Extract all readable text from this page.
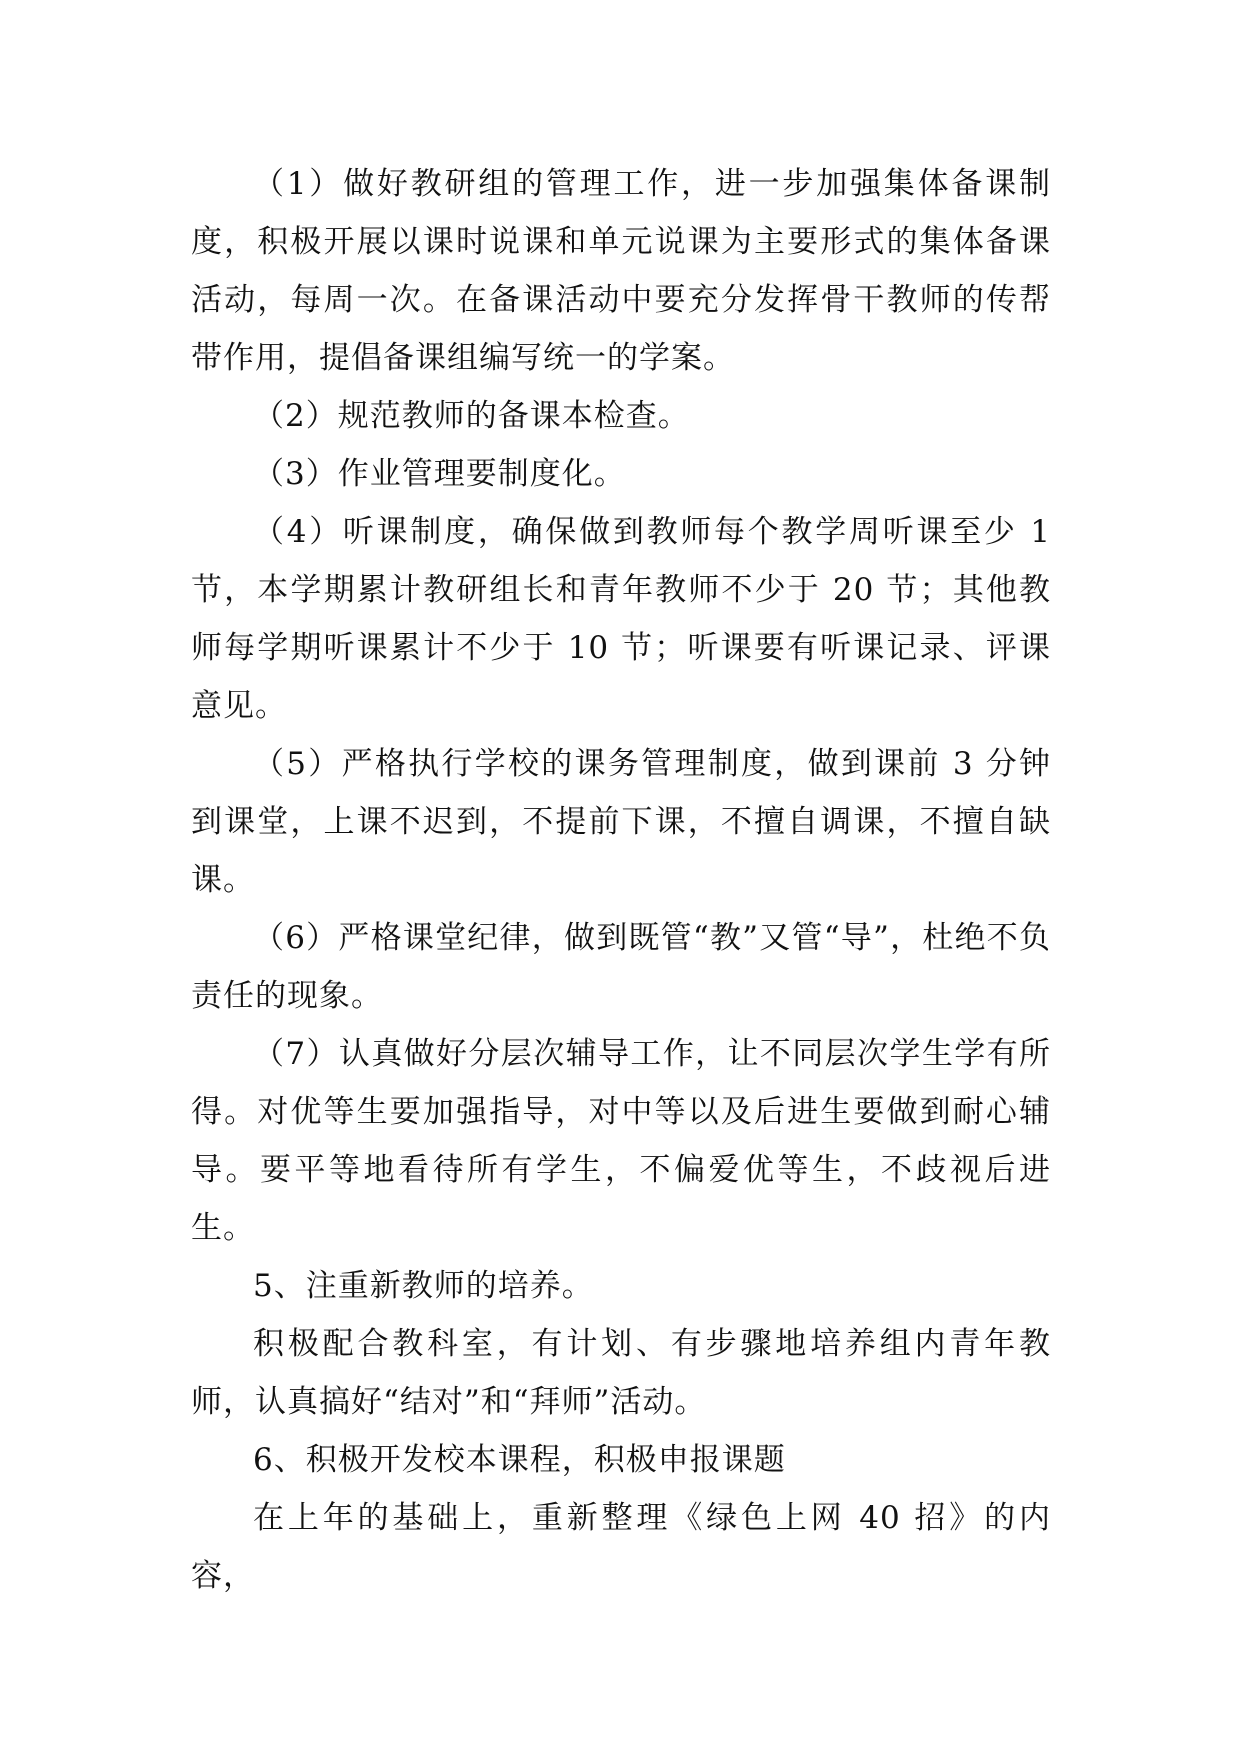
（1）做好教研组的管理工作，进一步加强集体备课制度，积极开展以课时说课和单元说课为主要形式的集体备课活动，每周一次。在备课活动中要充分发挥骨干教师的传帮带作用，提倡备课组编写统一的学案。

（2）规范教师的备课本检查。

（3）作业管理要制度化。

（4）听课制度，确保做到教师每个教学周听课至少 1 节，本学期累计教研组长和青年教师不少于 20 节；其他教师每学期听课累计不少于 10 节；听课要有听课记录、评课意见。

（5）严格执行学校的课务管理制度，做到课前 3 分钟到课堂，上课不迟到，不提前下课，不擅自调课，不擅自缺课。

（6）严格课堂纪律，做到既管“教”又管“导”，杜绝不负责任的现象。

（7）认真做好分层次辅导工作，让不同层次学生学有所得。对优等生要加强指导，对中等以及后进生要做到耐心辅导。要平等地看待所有学生，不偏爱优等生，不歧视后进生。

5、注重新教师的培养。

积极配合教科室，有计划、有步骤地培养组内青年教师，认真搞好“结对”和“拜师”活动。

6、积极开发校本课程，积极申报课题

在上年的基础上，重新整理《绿色上网 40 招》的内容，
